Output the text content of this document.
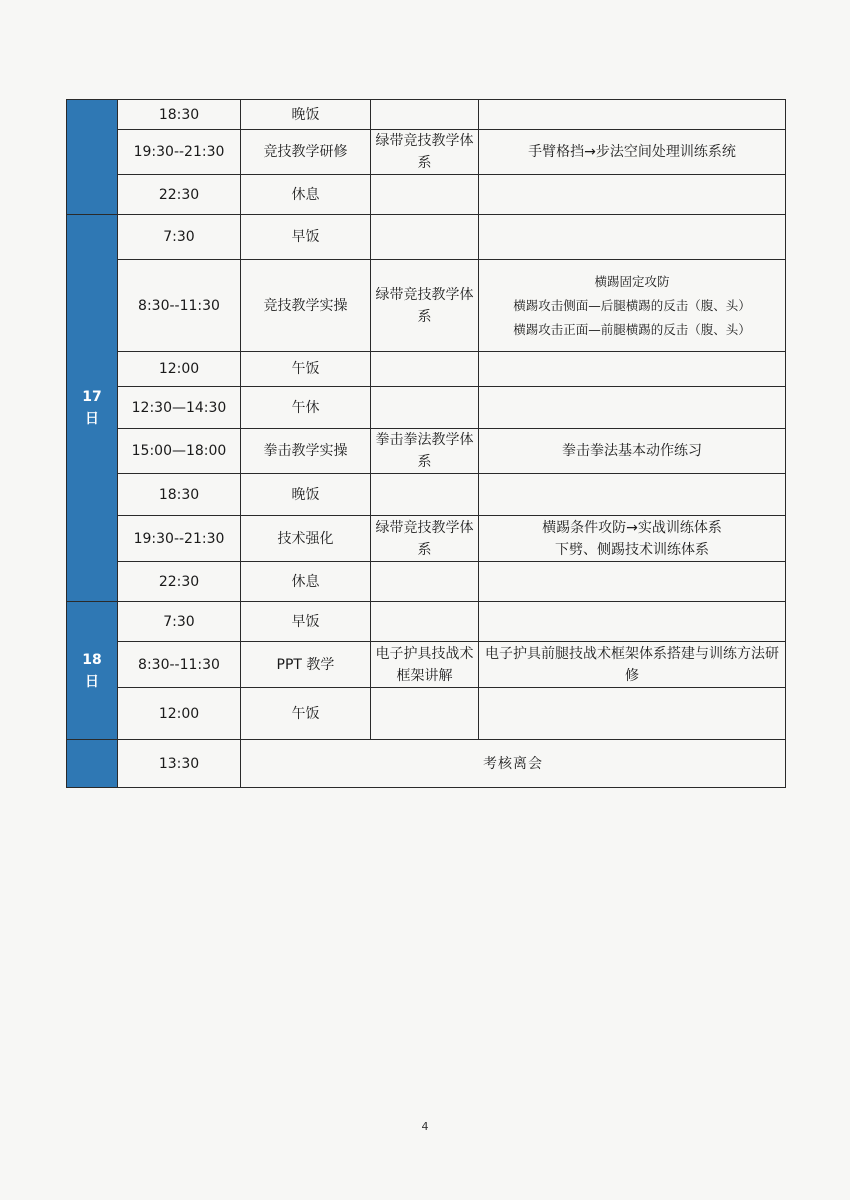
	18:30	晚饭		
	19:30--21:30	竞技教学研修	绿带竞技教学体系	手臂格挡→步法空间处理训练系统

	22:30	休息		
17日	7:30	早饭		
	8:30--11:30	竞技教学实操	绿带竞技教学体系	横踢固定攻防
横踢攻击侧面—后腿横踢的反击（腹、头）
横踢攻击正面—前腿横踢的反击（腹、头）

	12:00	午饭		
	12:30—14:30	午休		
	15:00—18:00	拳击教学实操	拳击拳法教学体系	拳击拳法基本动作练习

	18:30	晚饭		
	19:30--21:30	技术强化	绿带竞技教学体系	横踢条件攻防→实战训练体系
下劈、侧踢技术训练体系

	22:30	休息		
18日	7:30	早饭		
	8:30--11:30	PPT 教学	电子护具技战术框架讲解	电子护具前腿技战术框架体系搭建与训练方法研修

	12:00	午饭		
	13:30	考核离会		
4
